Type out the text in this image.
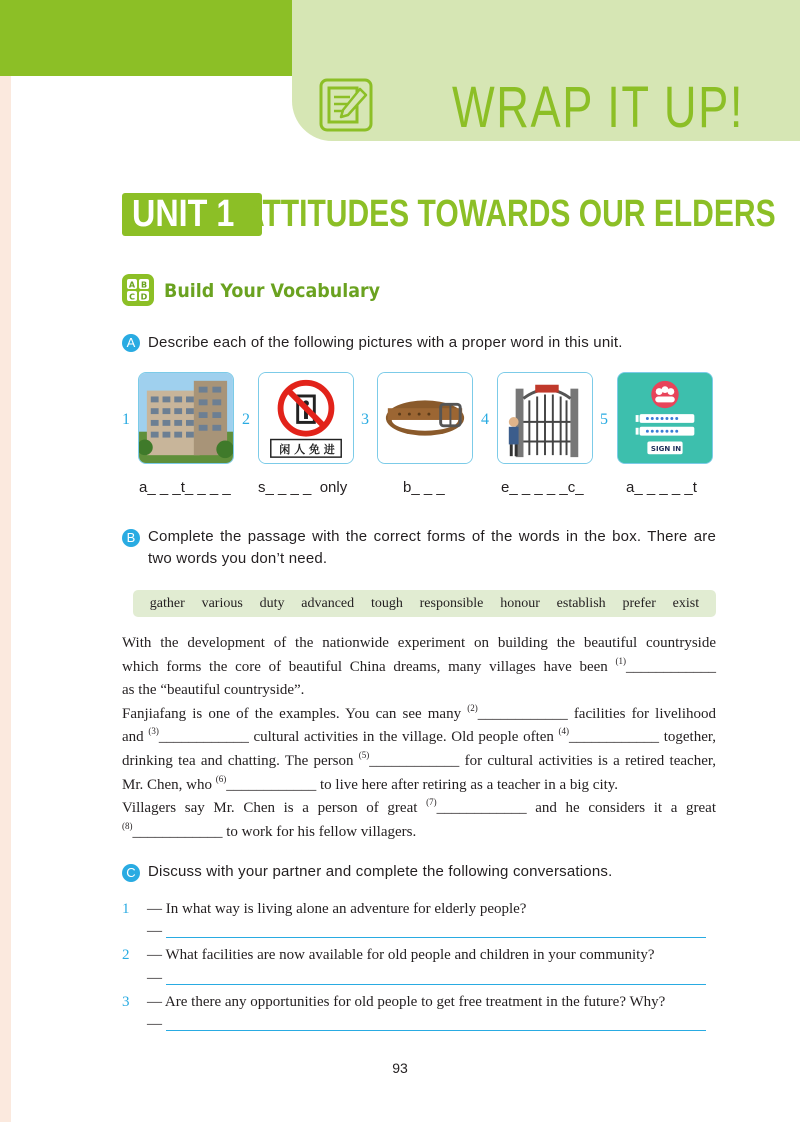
WRAP IT UP!
UNIT 1 ATTITUDES TOWARDS OUR ELDERS
A B
C D Build Your Vocabulary
A Describe each of the following pictures with a proper word in this unit.
1
a_ _ _t_ _ _ _
2
闲 人 免 进
s_ _ _ _  only
3
b_ _ _
4
e_ _ _ _ _c_
5
SIGN IN
a_ _ _ _ _t
B Complete the passage with the correct forms of the words in the box. There are
two words you don’t need.
gather various duty advanced tough responsible honour establish prefer exist
With the development of the nationwide experiment on building the beautiful countryside
which forms the core of beautiful China dreams, many villages have been $^{(1)}$____________
as the “beautiful countryside”.
Fanjiafang is one of the examples. You can see many $^{(2)}$____________ facilities for livelihood
and $^{(3)}$____________ cultural activities in the village. Old people often $^{(4)}$____________ together,
drinking tea and chatting. The person $^{(5)}$____________ for cultural activities is a retired teacher,
Mr. Chen, who $^{(6)}$____________ to live here after retiring as a teacher in a big city.
Villagers say Mr. Chen is a person of great $^{(7)}$____________ and he considers it a great
$^{(8)}$____________ to work for his fellow villagers.
C Discuss with your partner and complete the following conversations.
1 — In what way is living alone an adventure for elderly people?
—
2 — What facilities are now available for old people and children in your community?
—
3 — Are there any opportunities for old people to get free treatment in the future? Why?
—
93
